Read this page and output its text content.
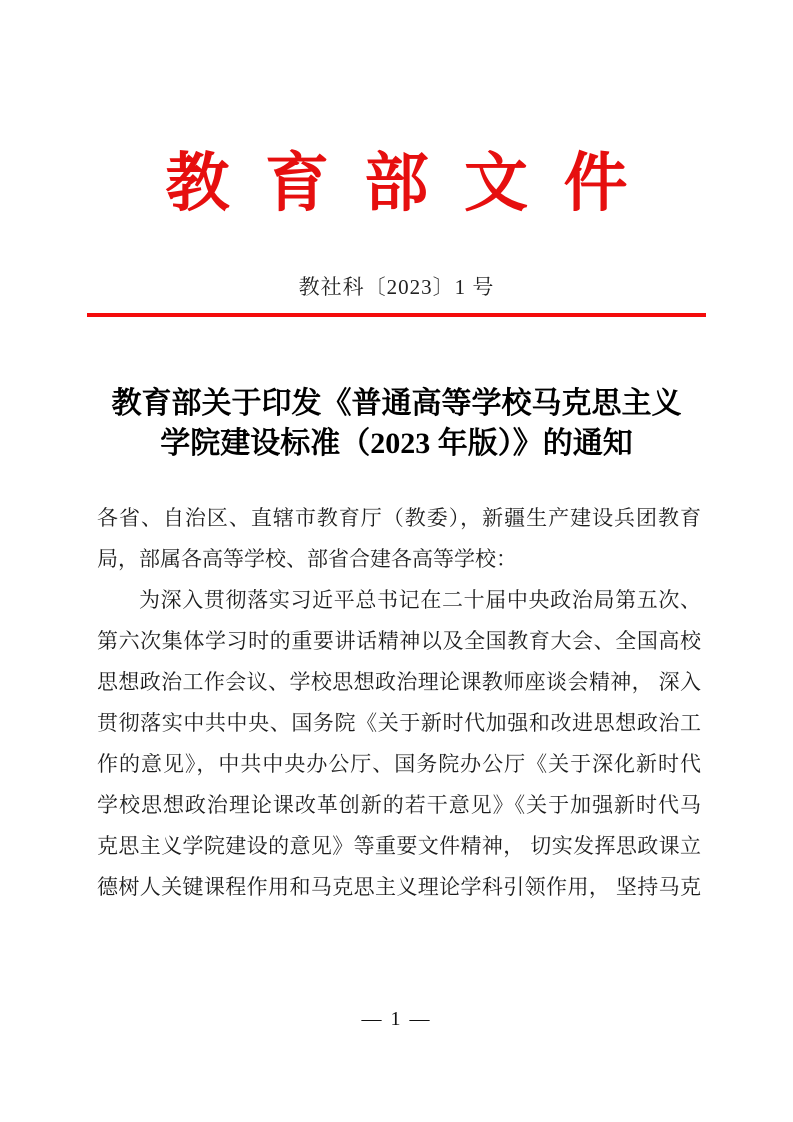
教 育 部 文 件
教社科〔2023〕1 号
教育部关于印发《普通高等学校马克思主义
学院建设标准（2023 年版）》的通知
各省、自治区、直辖市教育厅（教委），新疆生产建设兵团教育
局，部属各高等学校、部省合建各高等学校：
为深入贯彻落实习近平总书记在二十届中央政治局第五次、
第六次集体学习时的重要讲话精神以及全国教育大会、全国高校
思想政治工作会议、学校思想政治理论课教师座谈会精神， 深入
贯彻落实中共中央、国务院《关于新时代加强和改进思想政治工
作的意见》，中共中央办公厅、国务院办公厅《关于深化新时代
学校思想政治理论课改革创新的若干意见》《关于加强新时代马
克思主义学院建设的意见》等重要文件精神， 切实发挥思政课立
德树人关键课程作用和马克思主义理论学科引领作用， 坚持马克
— 1 —
